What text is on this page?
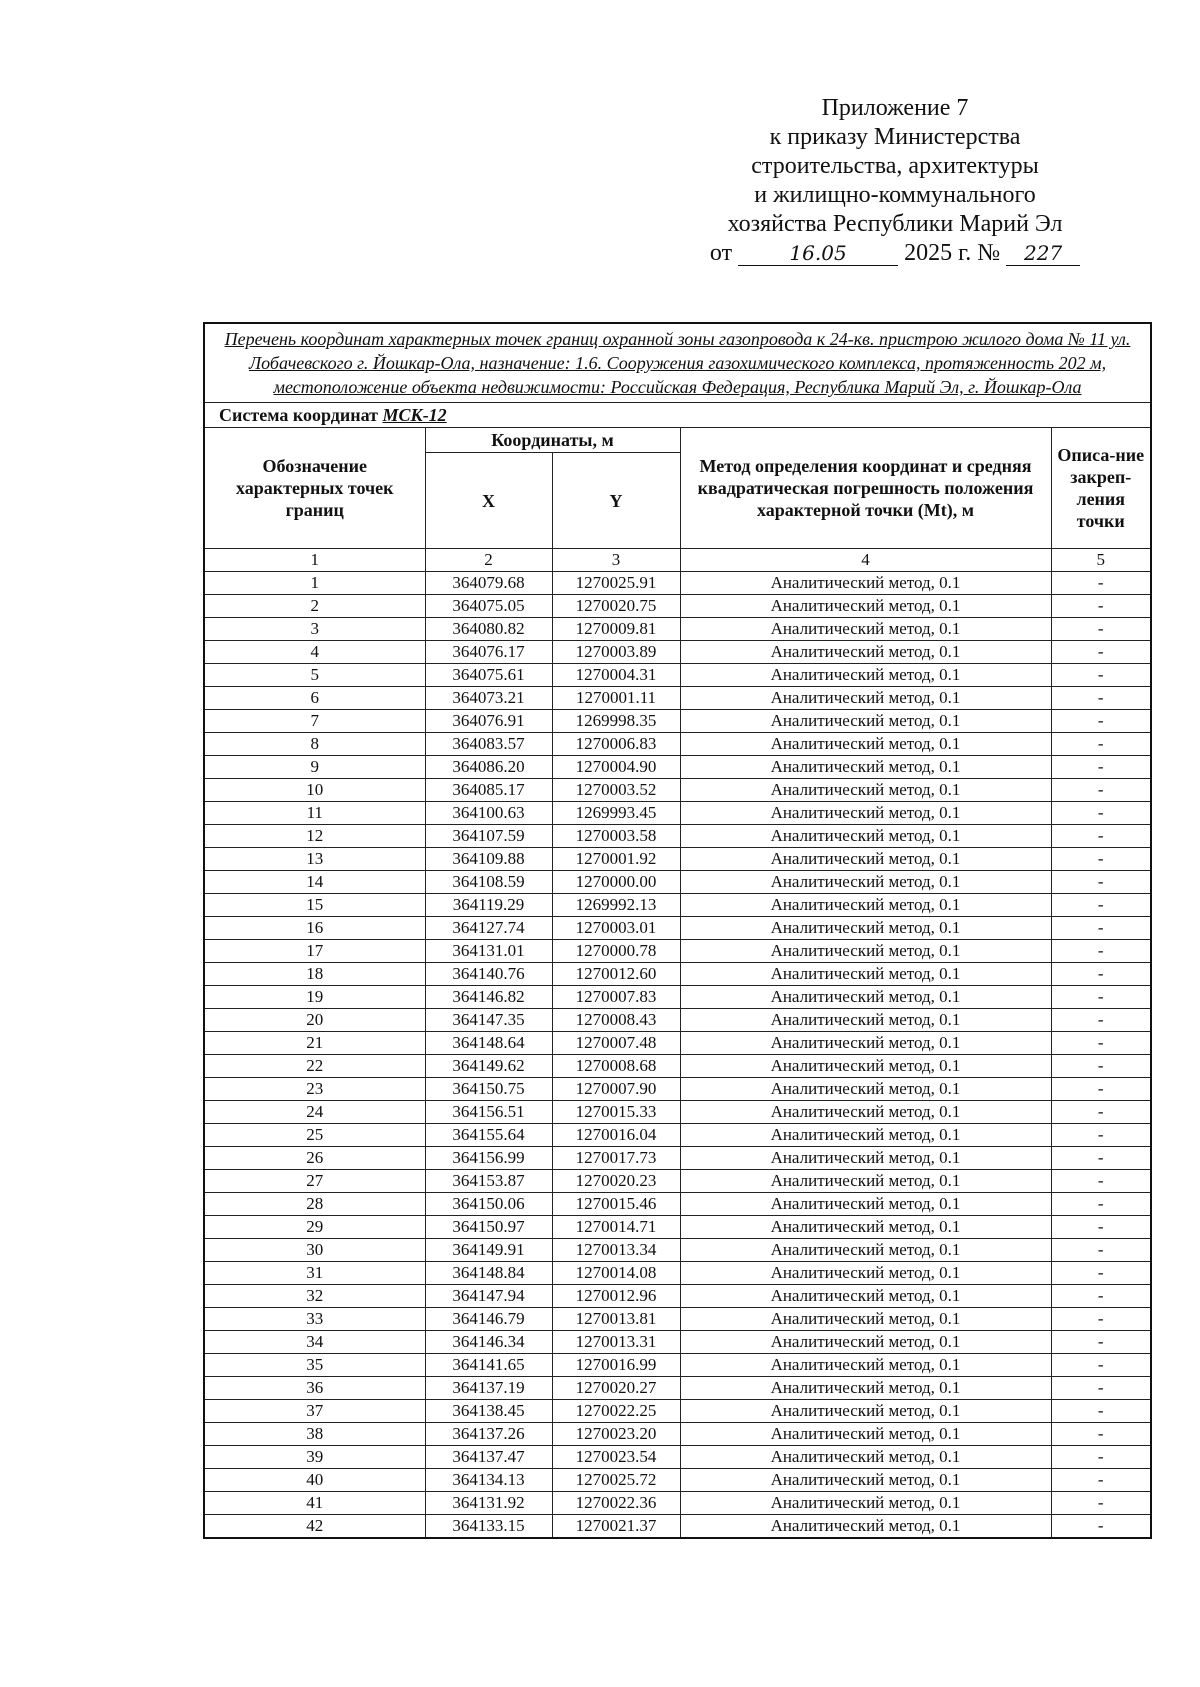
Приложение 7
к приказу Министерства
строительства, архитектуры
и жилищно-коммунального
хозяйства Республики Марий Эл
от	16.05 2025 г. № 227
Перечень координат характерных точек границ охранной зоны газопровода к 24-кв. пристрою жилого дома № 11 ул. Лобачевского г. Йошкар-Ола, назначение: 1.6. Сооружения газохимического комплекса, протяженность 202 м, местоположение объекта недвижимости: Российская Федерация, Республика Марий Эл, г. Йошкар-Ола				
Система координат МСК-12				
Обозначение характерных точек границ	Координаты, м		Метод определения координат и средняя квадратическая погрешность положения характерной точки (Mt), м	Описа-ние закреп-ления точки
	X	Y		
1	2	3	4	5
1	364079.68	1270025.91	Аналитический метод, 0.1	-
2	364075.05	1270020.75	Аналитический метод, 0.1	-
3	364080.82	1270009.81	Аналитический метод, 0.1	-
4	364076.17	1270003.89	Аналитический метод, 0.1	-
5	364075.61	1270004.31	Аналитический метод, 0.1	-
6	364073.21	1270001.11	Аналитический метод, 0.1	-
7	364076.91	1269998.35	Аналитический метод, 0.1	-
8	364083.57	1270006.83	Аналитический метод, 0.1	-
9	364086.20	1270004.90	Аналитический метод, 0.1	-
10	364085.17	1270003.52	Аналитический метод, 0.1	-
11	364100.63	1269993.45	Аналитический метод, 0.1	-
12	364107.59	1270003.58	Аналитический метод, 0.1	-
13	364109.88	1270001.92	Аналитический метод, 0.1	-
14	364108.59	1270000.00	Аналитический метод, 0.1	-
15	364119.29	1269992.13	Аналитический метод, 0.1	-
16	364127.74	1270003.01	Аналитический метод, 0.1	-
17	364131.01	1270000.78	Аналитический метод, 0.1	-
18	364140.76	1270012.60	Аналитический метод, 0.1	-
19	364146.82	1270007.83	Аналитический метод, 0.1	-
20	364147.35	1270008.43	Аналитический метод, 0.1	-
21	364148.64	1270007.48	Аналитический метод, 0.1	-
22	364149.62	1270008.68	Аналитический метод, 0.1	-
23	364150.75	1270007.90	Аналитический метод, 0.1	-
24	364156.51	1270015.33	Аналитический метод, 0.1	-
25	364155.64	1270016.04	Аналитический метод, 0.1	-
26	364156.99	1270017.73	Аналитический метод, 0.1	-
27	364153.87	1270020.23	Аналитический метод, 0.1	-
28	364150.06	1270015.46	Аналитический метод, 0.1	-
29	364150.97	1270014.71	Аналитический метод, 0.1	-
30	364149.91	1270013.34	Аналитический метод, 0.1	-
31	364148.84	1270014.08	Аналитический метод, 0.1	-
32	364147.94	1270012.96	Аналитический метод, 0.1	-
33	364146.79	1270013.81	Аналитический метод, 0.1	-
34	364146.34	1270013.31	Аналитический метод, 0.1	-
35	364141.65	1270016.99	Аналитический метод, 0.1	-
36	364137.19	1270020.27	Аналитический метод, 0.1	-
37	364138.45	1270022.25	Аналитический метод, 0.1	-
38	364137.26	1270023.20	Аналитический метод, 0.1	-
39	364137.47	1270023.54	Аналитический метод, 0.1	-
40	364134.13	1270025.72	Аналитический метод, 0.1	-
41	364131.92	1270022.36	Аналитический метод, 0.1	-
42	364133.15	1270021.37	Аналитический метод, 0.1	-
